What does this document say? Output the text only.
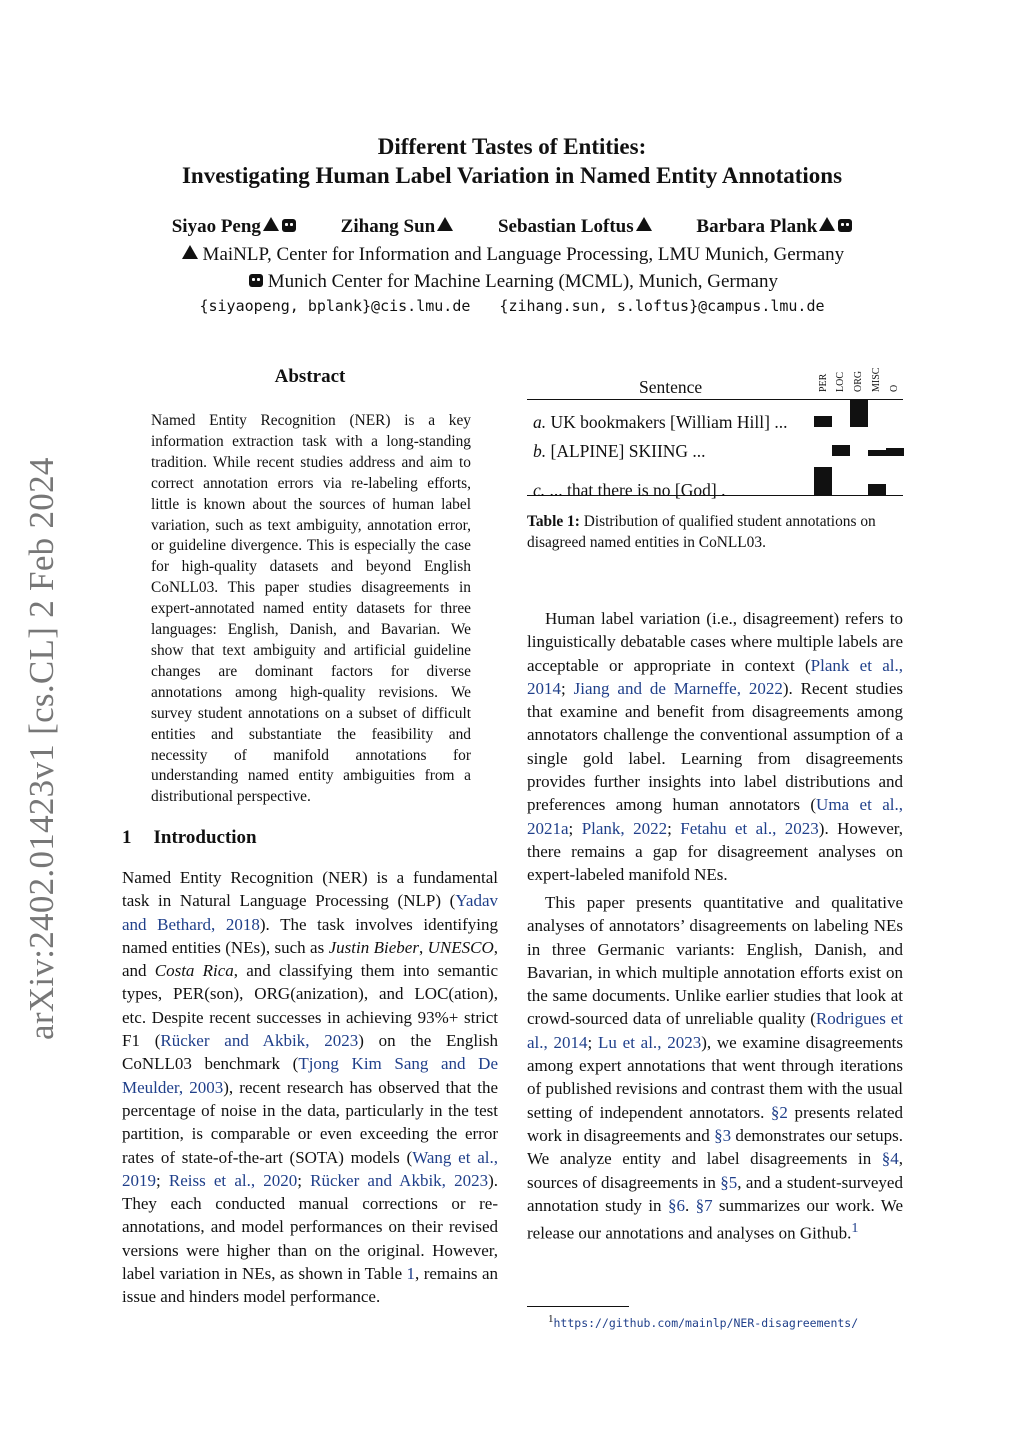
Different Tastes of Entities:
Investigating Human Label Variation in Named Entity Annotations
Siyao Peng	Zihang Sun	Sebastian Loftus	Barbara Plank
MaiNLP, Center for Information and Language Processing, LMU Munich, Germany
Munich Center for Machine Learning (MCML), Munich, Germany
{siyaopeng, bplank}@cis.lmu.de {zihang.sun, s.loftus}@campus.lmu.de
arXiv:2402.01423v1 [cs.CL] 2 Feb 2024
Abstract
Named Entity Recognition (NER) is a key information extraction task with a long-standing tradition. While recent studies address and aim to correct annotation errors via re-labeling efforts, little is known about the sources of human label variation, such as text ambiguity, annotation error, or guideline divergence. This is especially the case for high-quality datasets and beyond English CoNLL03. This paper studies disagreements in expert-annotated named entity datasets for three languages: English, Danish, and Bavarian. We show that text ambiguity and artificial guideline changes are dominant factors for diverse annotations among high-quality revisions. We survey student annotations on a subset of difficult entities and substantiate the feasibility and necessity of manifold annotations for understanding named entity ambiguities from a distributional perspective.
1 Introduction

Named Entity Recognition (NER) is a fundamental task in Natural Language Processing (NLP) (Yadav and Bethard, 2018). The task involves identifying named entities (NEs), such as Justin Bieber, UNESCO, and Costa Rica, and classifying them into semantic types, PER(son), ORG(anization), and LOC(ation), etc. Despite recent successes in achieving 93%+ strict F1 (Rücker and Akbik, 2023) on the English CoNLL03 benchmark (Tjong Kim Sang and De Meulder, 2003), recent research has observed that the percentage of noise in the data, particularly in the test partition, is comparable or even exceeding the error rates of state-of-the-art (SOTA) models (Wang et al., 2019; Reiss et al., 2020; Rücker and Akbik, 2023). They each conducted manual corrections or re-annotations, and model performances on their revised versions were higher than on the original. However, label variation in NEs, as shown in Table 1, remains an issue and hinders model performance.

Sentence	PER LOC ORG MISC O
a. UK bookmakers [William Hill] ...
b. [ALPINE] SKIING ...
c. ... that there is no [God] .
Table 1: Distribution of qualified student annotations on disagreed named entities in CoNLL03.

Human label variation (i.e., disagreement) refers to linguistically debatable cases where multiple labels are acceptable or appropriate in context (Plank et al., 2014; Jiang and de Marneffe, 2022). Recent studies that examine and benefit from disagreements among annotators challenge the conventional assumption of a single gold label. Learning from disagreements provides further insights into label distributions and preferences among human annotators (Uma et al., 2021a; Plank, 2022; Fetahu et al., 2023). However, there remains a gap for disagreement analyses on expert-labeled manifold NEs.

This paper presents quantitative and qualitative analyses of annotators’ disagreements on labeling NEs in three Germanic variants: English, Danish, and Bavarian, in which multiple annotation efforts exist on the same documents. Unlike earlier studies that look at crowd-sourced data of unreliable quality (Rodrigues et al., 2014; Lu et al., 2023), we examine disagreements among expert annotations that went through iterations of published revisions and contrast them with the usual setting of independent annotators. §2 presents related work in disagreements and §3 demonstrates our setups. We analyze entity and label disagreements in §4, sources of disagreements in §5, and a student-surveyed annotation study in §6. §7 summarizes our work. We release our annotations and analyses on Github.$^1$

$^1$https://github.com/mainlp/NER-disagreements/
